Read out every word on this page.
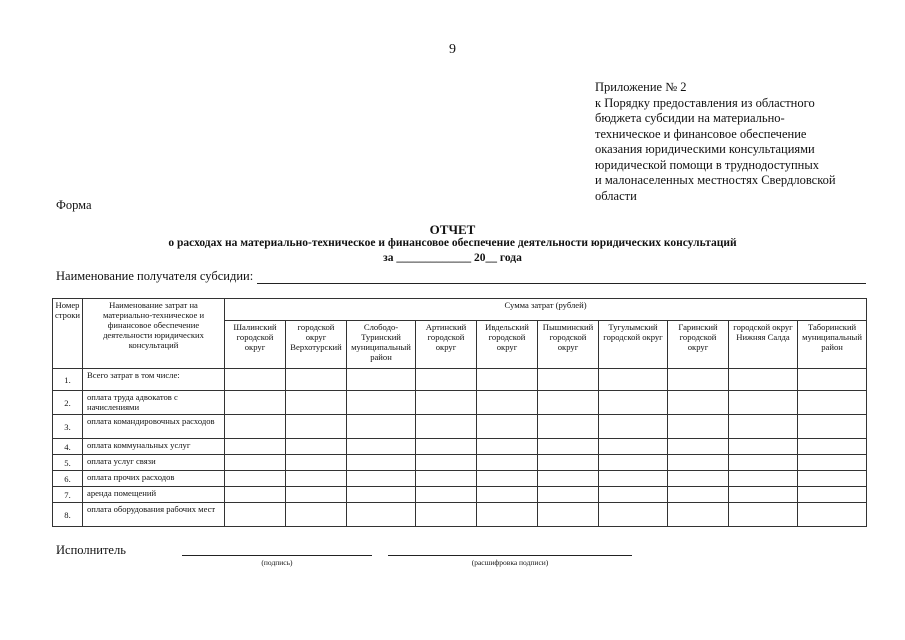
9
Приложение № 2
к Порядку предоставления из областного
бюджета субсидии на материально-
техническое и финансовое обеспечение
оказания юридическими консультациями
юридической помощи в труднодоступных
и малонаселенных местностях Свердловской
области
Форма
ОТЧЕТ
о расходах на материально-техническое и финансовое обеспечение деятельности юридических консультаций
за _____________ 20__ года
Наименование получателя субсидии:
Номер строки	Наименование затрат на материально-техническое и финансовое обеспечение деятельности юридических консультаций	Сумма затрат (рублей)									
		Шалинский городской округ	городской округ Верхотурский	Слободо-Туринский муниципальный район	Артинский городской округ	Ивдельский городской округ	Пышминский городской округ	Тугулымский городской округ	Гаринский городской округ	городской округ Нижняя Салда	Таборинский муниципальный район
1.	Всего затрат в том числе:										
2.	оплата труда адвокатов с начислениями										
3.	оплата командировочных расходов										
4.	оплата коммунальных услуг										
5.	оплата услуг связи										
6.	оплата прочих расходов										
7.	аренда помещений										
8.	оплата оборудования рабочих мест										
Исполнитель
(подпись)	(расшифровка подписи)
